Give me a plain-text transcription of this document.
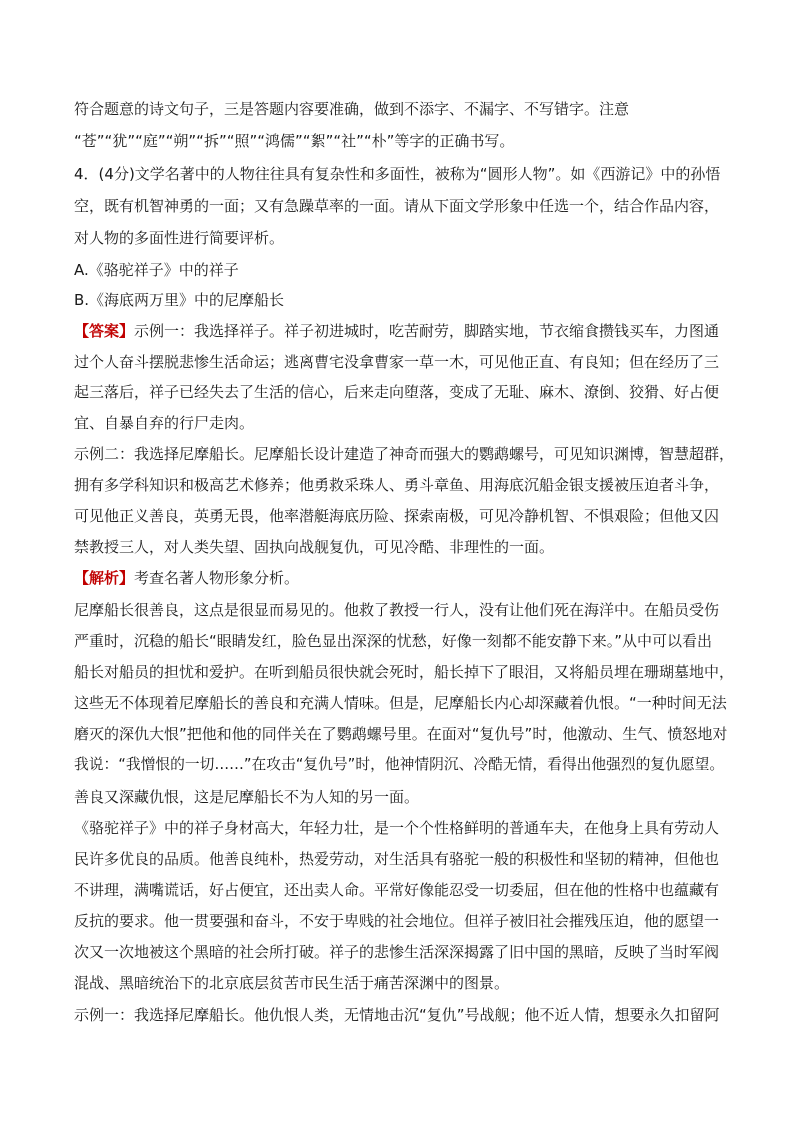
符合题意的诗文句子，三是答题内容要准确，做到不添字、不漏字、不写错字。注意
“苍”“犹”“庭”“朔”“拆”“照”“鸿儒”“絮”“社”“朴”等字的正确书写。
4．(4分)文学名著中的人物往往具有复杂性和多面性，被称为“圆形人物”。如《西游记》中的孙悟
空，既有机智神勇的一面；又有急躁草率的一面。请从下面文学形象中任选一个，结合作品内容，
对人物的多面性进行简要评析。
A.《骆驼祥子》中的祥子
B.《海底两万里》中的尼摩船长
【答案】示例一：我选择祥子。祥子初进城时，吃苦耐劳，脚踏实地，节衣缩食攒钱买车，力图通
过个人奋斗摆脱悲惨生活命运；逃离曹宅没拿曹家一草一木，可见他正直、有良知；但在经历了三
起三落后，祥子已经失去了生活的信心，后来走向堕落，变成了无耻、麻木、潦倒、狡猾、好占便
宜、自暴自弃的行尸走肉。
示例二：我选择尼摩船长。尼摩船长设计建造了神奇而强大的鹦鹉螺号，可见知识渊博，智慧超群，
拥有多学科知识和极高艺术修养；他勇救采珠人、勇斗章鱼、用海底沉船金银支援被压迫者斗争，
可见他正义善良，英勇无畏，他率潜艇海底历险、探索南极，可见冷静机智、不惧艰险；但他又囚
禁教授三人，对人类失望、固执向战舰复仇，可见冷酷、非理性的一面。
【解析】考查名著人物形象分析。
尼摩船长很善良，这点是很显而易见的。他救了教授一行人，没有让他们死在海洋中。在船员受伤
严重时，沉稳的船长“眼睛发红，脸色显出深深的忧愁，好像一刻都不能安静下来。”从中可以看出
船长对船员的担忧和爱护。在听到船员很快就会死时，船长掉下了眼泪，又将船员埋在珊瑚墓地中，
这些无不体现着尼摩船长的善良和充满人情味。但是，尼摩船长内心却深藏着仇恨。“一种时间无法
磨灭的深仇大恨”把他和他的同伴关在了鹦鹉螺号里。在面对“复仇号”时，他激动、生气、愤怒地对
我说：“我憎恨的一切……”在攻击“复仇号”时，他神情阴沉、冷酷无情，看得出他强烈的复仇愿望。
善良又深藏仇恨，这是尼摩船长不为人知的另一面。
《骆驼祥子》中的祥子身材高大，年轻力壮，是一个个性格鲜明的普通车夫，在他身上具有劳动人
民许多优良的品质。他善良纯朴，热爱劳动，对生活具有骆驼一般的积极性和坚韧的精神，但他也
不讲理，满嘴谎话，好占便宜，还出卖人命。平常好像能忍受一切委屈，但在他的性格中也蕴藏有
反抗的要求。他一贯要强和奋斗，不安于卑贱的社会地位。但祥子被旧社会摧残压迫，他的愿望一
次又一次地被这个黑暗的社会所打破。祥子的悲惨生活深深揭露了旧中国的黑暗，反映了当时军阀
混战、黑暗统治下的北京底层贫苦市民生活于痛苦深渊中的图景。
示例一：我选择尼摩船长。他仇恨人类，无情地击沉“复仇”号战舰；他不近人情，想要永久扣留阿
